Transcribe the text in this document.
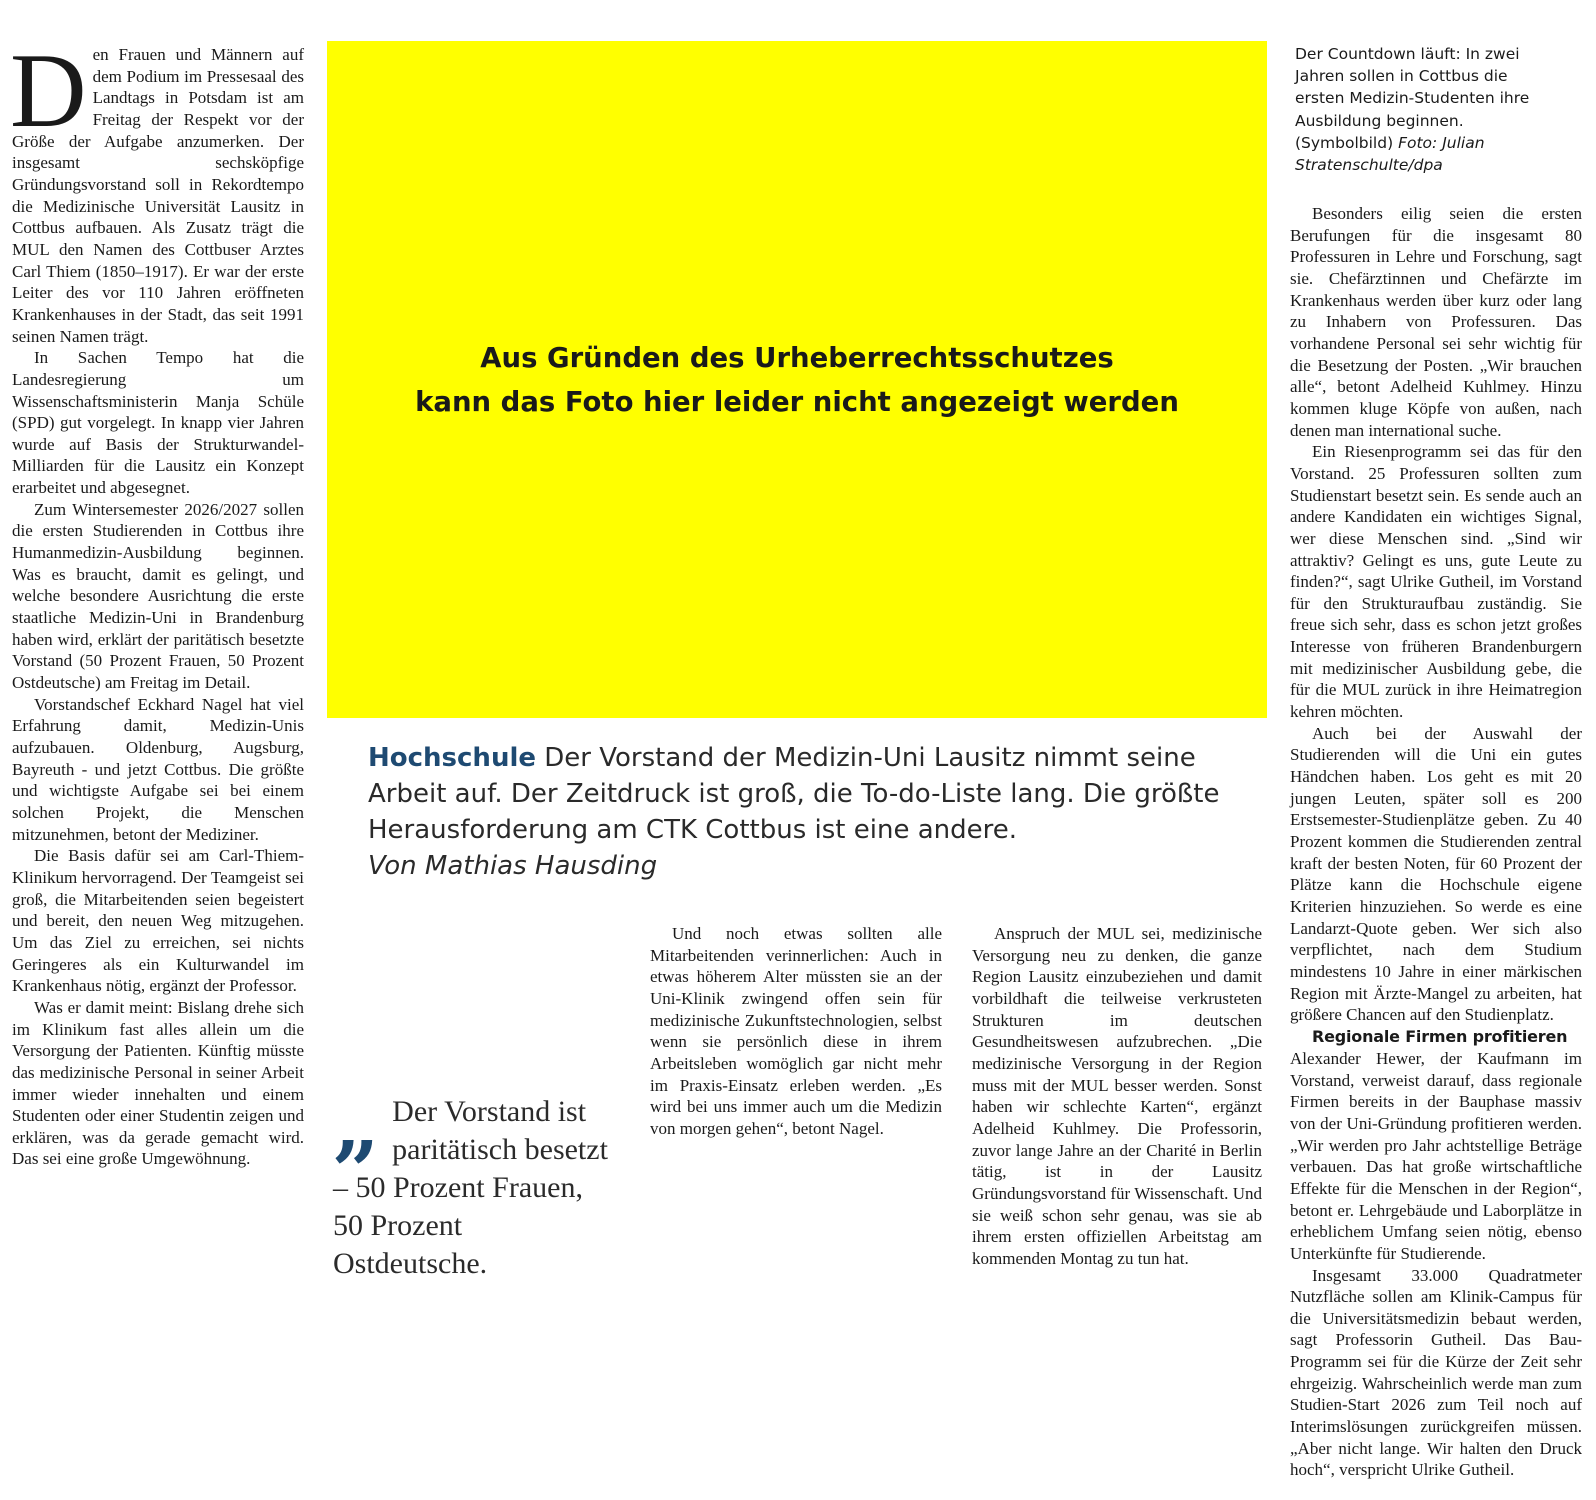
Den Frauen und Männern auf dem Podium im Pressesaal des Landtags in Potsdam ist am Freitag der Respekt vor der Größe der Aufgabe anzumerken. Der insgesamt sechsköpfige Gründungsvorstand soll in Rekordtempo die Medizinische Universität Lausitz in Cottbus aufbauen. Als Zusatz trägt die MUL den Namen des Cottbuser Arztes Carl Thiem (1850–1917). Er war der erste Leiter des vor 110 Jahren eröffneten Krankenhauses in der Stadt, das seit 1991 seinen Namen trägt.

In Sachen Tempo hat die Landesregierung um Wissenschaftsministerin Manja Schüle (SPD) gut vorgelegt. In knapp vier Jahren wurde auf Basis der Strukturwandel-Milliarden für die Lausitz ein Konzept erarbeitet und abgesegnet.

Zum Wintersemester 2026/2027 sollen die ersten Studierenden in Cottbus ihre Humanmedizin-Ausbildung beginnen. Was es braucht, damit es gelingt, und welche besondere Ausrichtung die erste staatliche Medizin-Uni in Brandenburg haben wird, erklärt der paritätisch besetzte Vorstand (50 Prozent Frauen, 50 Prozent Ostdeutsche) am Freitag im Detail.

Vorstandschef Eckhard Nagel hat viel Erfahrung damit, Medizin-Unis aufzubauen. Oldenburg, Augsburg, Bayreuth - und jetzt Cottbus. Die größte und wichtigste Aufgabe sei bei einem solchen Projekt, die Menschen mitzunehmen, betont der Mediziner.

Die Basis dafür sei am Carl-Thiem-Klinikum hervorragend. Der Teamgeist sei groß, die Mitarbeitenden seien begeistert und bereit, den neuen Weg mitzugehen. Um das Ziel zu erreichen, sei nichts Geringeres als ein Kulturwandel im Krankenhaus nötig, ergänzt der Professor.

Was er damit meint: Bislang drehe sich im Klinikum fast alles allein um die Versorgung der Patienten. Künftig müsste das medizinische Personal in seiner Arbeit immer wieder innehalten und einem Studenten oder einer Studentin zeigen und erklären, was da gerade gemacht wird. Das sei eine große Umgewöhnung.

Aus Gründen des Urheberrechtsschutzes
kann das Foto hier leider nicht angezeigt werden
Der Countdown läuft: In zwei Jahren sollen in Cottbus die ersten Medizin-Studenten ihre Ausbildung beginnen. (Symbolbild) Foto: Julian Stratenschulte/dpa
Hochschule Der Vorstand der Medizin-Uni Lausitz nimmt seine Arbeit auf. Der Zeitdruck ist groß, die To-do-Liste lang. Die größte Herausforderung am CTK Cottbus ist eine andere.
Von Mathias Hausding
„ Der Vorstand ist paritätisch besetzt – 50 Prozent Frauen, 50 Prozent Ostdeutsche.

Und noch etwas sollten alle Mitarbeitenden verinnerlichen: Auch in etwas höherem Alter müssten sie an der Uni-Klinik zwingend offen sein für medizinische Zukunftstechnologien, selbst wenn sie persönlich diese in ihrem Arbeitsleben womöglich gar nicht mehr im Praxis-Einsatz erleben werden. „Es wird bei uns immer auch um die Medizin von morgen gehen“, betont Nagel.

Anspruch der MUL sei, medizinische Versorgung neu zu denken, die ganze Region Lausitz einzubeziehen und damit vorbildhaft die teilweise verkrusteten Strukturen im deutschen Gesundheitswesen aufzubrechen. „Die medizinische Versorgung in der Region muss mit der MUL besser werden. Sonst haben wir schlechte Karten“, ergänzt Adelheid Kuhlmey. Die Professorin, zuvor lange Jahre an der Charité in Berlin tätig, ist in der Lausitz Gründungsvorstand für Wissenschaft. Und sie weiß schon sehr genau, was sie ab ihrem ersten offiziellen Arbeitstag am kommenden Montag zu tun hat.

Besonders eilig seien die ersten Berufungen für die insgesamt 80 Professuren in Lehre und Forschung, sagt sie. Chefärztinnen und Chefärzte im Krankenhaus werden über kurz oder lang zu Inhabern von Professuren. Das vorhandene Personal sei sehr wichtig für die Besetzung der Posten. „Wir brauchen alle“, betont Adelheid Kuhlmey. Hinzu kommen kluge Köpfe von außen, nach denen man international suche.

Ein Riesenprogramm sei das für den Vorstand. 25 Professuren sollten zum Studienstart besetzt sein. Es sende auch an andere Kandidaten ein wichtiges Signal, wer diese Menschen sind. „Sind wir attraktiv? Gelingt es uns, gute Leute zu finden?“, sagt Ulrike Gutheil, im Vorstand für den Strukturaufbau zuständig. Sie freue sich sehr, dass es schon jetzt großes Interesse von früheren Brandenburgern mit medizinischer Ausbildung gebe, die für die MUL zurück in ihre Heimatregion kehren möchten.

Auch bei der Auswahl der Studierenden will die Uni ein gutes Händchen haben. Los geht es mit 20 jungen Leuten, später soll es 200 Erstsemester-Studienplätze geben. Zu 40 Prozent kommen die Studierenden zentral kraft der besten Noten, für 60 Prozent der Plätze kann die Hochschule eigene Kriterien hinzuziehen. So werde es eine Landarzt-Quote geben. Wer sich also verpflichtet, nach dem Studium mindestens 10 Jahre in einer märkischen Region mit Ärzte-Mangel zu arbeiten, hat größere Chancen auf den Studienplatz.

Regionale Firmen profitieren

Alexander Hewer, der Kaufmann im Vorstand, verweist darauf, dass regionale Firmen bereits in der Bauphase massiv von der Uni-Gründung profitieren werden. „Wir werden pro Jahr achtstellige Beträge verbauen. Das hat große wirtschaftliche Effekte für die Menschen in der Region“, betont er. Lehrgebäude und Laborplätze in erheblichem Umfang seien nötig, ebenso Unterkünfte für Studierende.

Insgesamt 33.000 Quadratmeter Nutzfläche sollen am Klinik-Campus für die Universitätsmedizin bebaut werden, sagt Professorin Gutheil. Das Bau-Programm sei für die Kürze der Zeit sehr ehrgeizig. Wahrscheinlich werde man zum Studien-Start 2026 zum Teil noch auf Interimslösungen zurückgreifen müssen. „Aber nicht lange. Wir halten den Druck hoch“, verspricht Ulrike Gutheil.
